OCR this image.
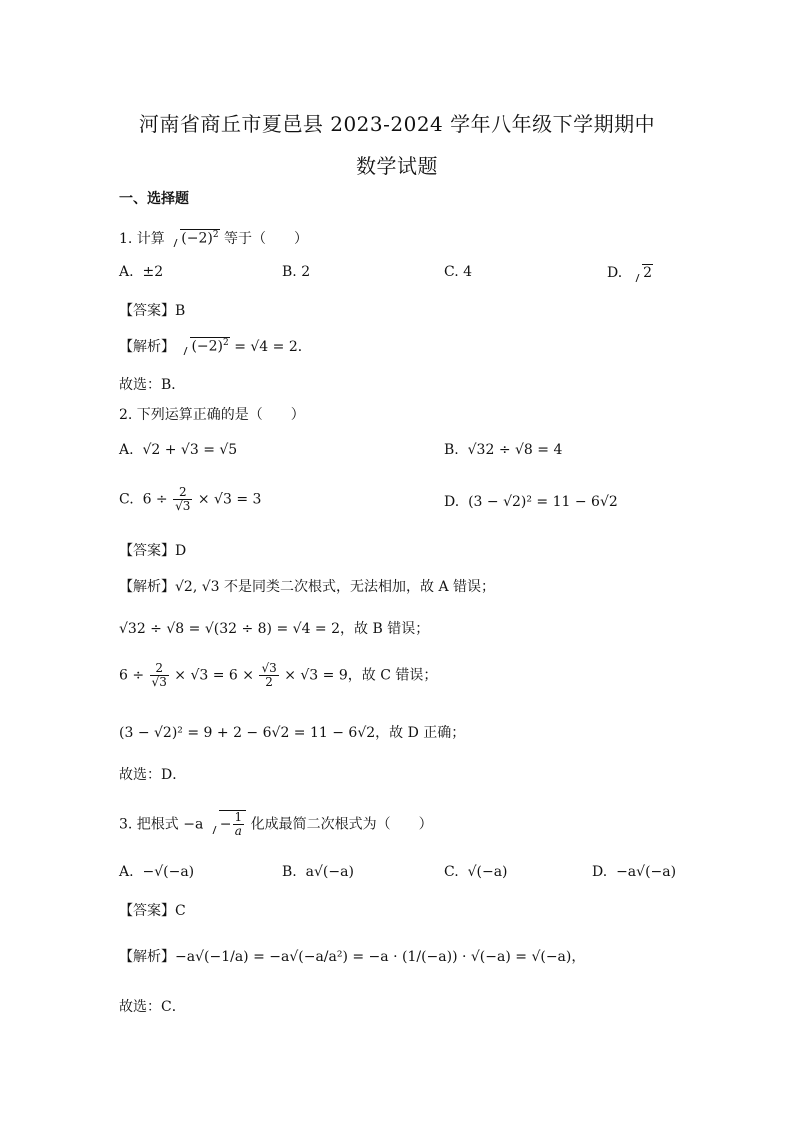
河南省商丘市夏邑县 2023-2024 学年八年级下学期期中
数学试题
一、选择题
1. 计算 $(-2)^2$ 等于（　　）
A.  ±2	B. 2	C. 4	D.  2
【答案】B
【解析】 $(-2)^2 = √4 = 2$．
故选：B．
2. 下列运算正确的是（　　）
A.  √2 + √3 = √5	B.  √32 ÷ √8 = 4
C.  $6 \div \frac{2}{√3} \times √3 = 3$	D.  (3 − √2)² = 11 − 6√2
【答案】D
【解析】√2, √3 不是同类二次根式，无法相加，故 A 错误；
√32 ÷ √8 = √(32 ÷ 8) = √4 = 2，故 B 错误；
$6 \div \frac{2}{√3} \times √3 = 6 \times \frac{√3}{2} \times √3 = 9$，故 C 错误；
(3 − √2)² = 9 + 2 − 6√2 = 11 − 6√2，故 D 正确；
故选：D．
3. 把根式 $-a - \frac{1}{a}$ 化成最简二次根式为（　　）
A.  −√(−a)	B.  a√(−a)	C.  √(−a)	D.  −a√(−a)
【答案】C
【解析】−a√(−1/a) = −a√(−a/a²) = −a · (1/(−a)) · √(−a) = √(−a)，
故选：C．
